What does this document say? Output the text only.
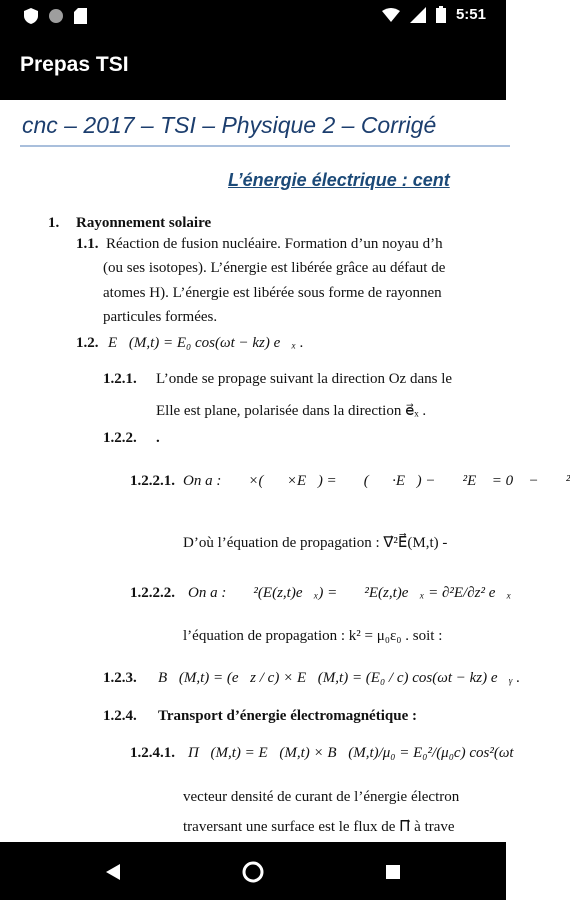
5:51
Prepas TSI
cnc – 2017 – TSI – Physique 2 – Corrigé
L’énergie électrique : cent
1. Rayonnement solaire
1.1. Réaction de fusion nucléaire. Formation d’un noyau d’h
(ou ses isotopes). L’énergie est libérée grâce au défaut de
atomes H). L’énergie est libérée sous forme de rayonnen
particules formées.
1.2. E⃗(M,t) = E₀ cos(ωt − kz) e⃗ₓ .
1.2.1. L’onde se propage suivant la direction Oz dans le
Elle est plane, polarisée dans la direction e⃗ₓ .
1.2.2. .
1.2.2.1. On a : ∇⃗×(∇⃗×E⃗) = ∇⃗(∇⃗·E⃗) − ∇⃗²E⃗ = 0⃗ − ∇⃗²
D’où l’équation de propagation : ∇⃗²E⃗(M,t) -
1.2.2.2. On a : ∇⃗²(E(z,t)e⃗ₓ) = ∇⃗²E(z,t)e⃗ₓ = ∂²E/∂z² e⃗ₓ
l’équation de propagation : k² = μ₀ε₀ . soit :
1.2.3. B⃗(M,t) = (e⃗z / c) × E⃗(M,t) = (E₀ / c) cos(ωt − kz) e⃗ᵧ .
1.2.4. Transport d’énergie électromagnétique :
1.2.4.1. Π⃗(M,t) = E⃗(M,t) × B⃗(M,t)/μ₀ = E₀²/(μ₀c) cos²(ωt
vecteur densité de curant de l’énergie électron
traversant une surface est le flux de Π⃗ à trave
